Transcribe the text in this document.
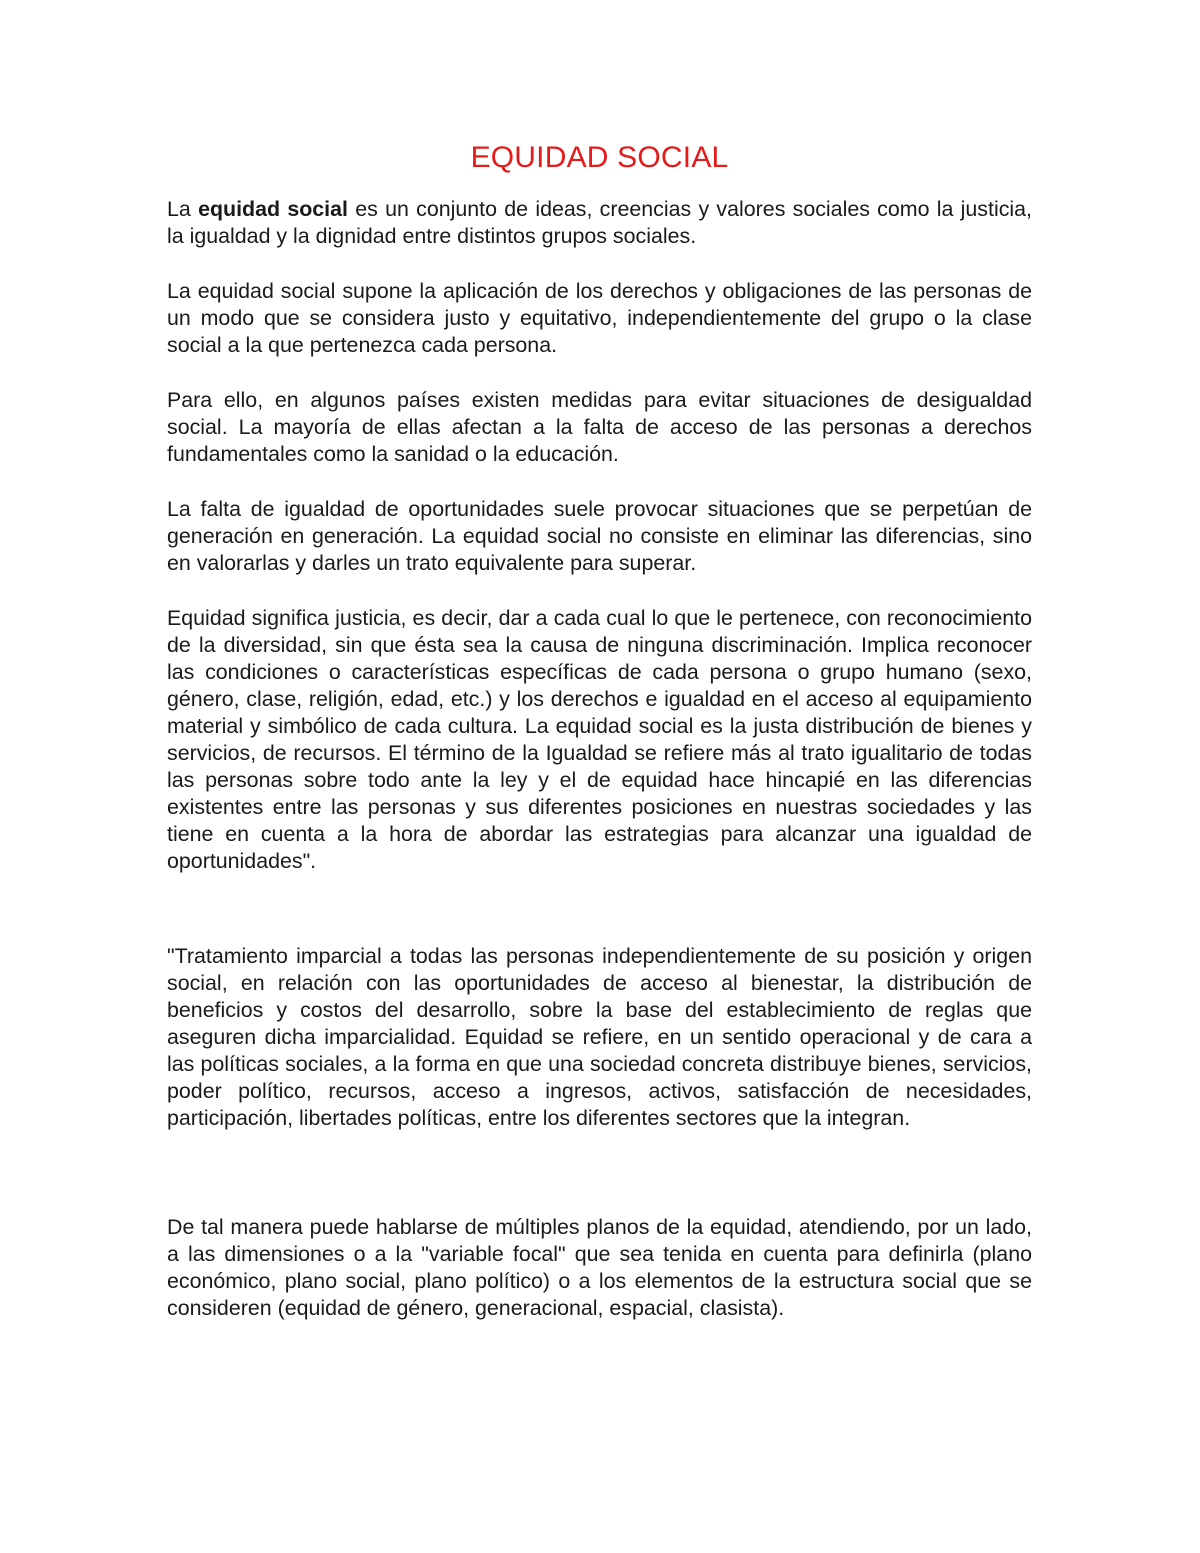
EQUIDAD SOCIAL

La equidad social es un conjunto de ideas, creencias y valores sociales como la justicia, la igualdad y la dignidad entre distintos grupos sociales.

La equidad social supone la aplicación de los derechos y obligaciones de las personas de un modo que se considera justo y equitativo, independientemente del grupo o la clase social a la que pertenezca cada persona.

Para ello, en algunos países existen medidas para evitar situaciones de desigualdad social. La mayoría de ellas afectan a la falta de acceso de las personas a derechos fundamentales como la sanidad o la educación.

La falta de igualdad de oportunidades suele provocar situaciones que se perpetúan de generación en generación. La equidad social no consiste en eliminar las diferencias, sino en valorarlas y darles un trato equivalente para superar.

Equidad significa justicia, es decir, dar a cada cual lo que le pertenece, con reconocimiento de la diversidad, sin que ésta sea la causa de ninguna discriminación. Implica reconocer las condiciones o características específicas de cada persona o grupo humano (sexo, género, clase, religión, edad, etc.) y los derechos e igualdad en el acceso al equipamiento material y simbólico de cada cultura. La equidad social es la justa distribución de bienes y servicios, de recursos. El término de la Igualdad se refiere más al trato igualitario de todas las personas sobre todo ante la ley y el de equidad hace hincapié en las diferencias existentes entre las personas y sus diferentes posiciones en nuestras sociedades y las tiene en cuenta a la hora de abordar las estrategias para alcanzar una igualdad de oportunidades".

"Tratamiento imparcial a todas las personas independientemente de su posición y origen social, en relación con las oportunidades de acceso al bienestar, la distribución de beneficios y costos del desarrollo, sobre la base del establecimiento de reglas que aseguren dicha imparcialidad. Equidad se refiere, en un sentido operacional y de cara a las políticas sociales, a la forma en que una sociedad concreta distribuye bienes, servicios, poder político, recursos, acceso a ingresos, activos, satisfacción de necesidades, participación, libertades políticas, entre los diferentes sectores que la integran.

De tal manera puede hablarse de múltiples planos de la equidad, atendiendo, por un lado, a las dimensiones o a la "variable focal" que sea tenida en cuenta para definirla (plano económico, plano social, plano político) o a los elementos de la estructura social que se consideren (equidad de género, generacional, espacial, clasista).
